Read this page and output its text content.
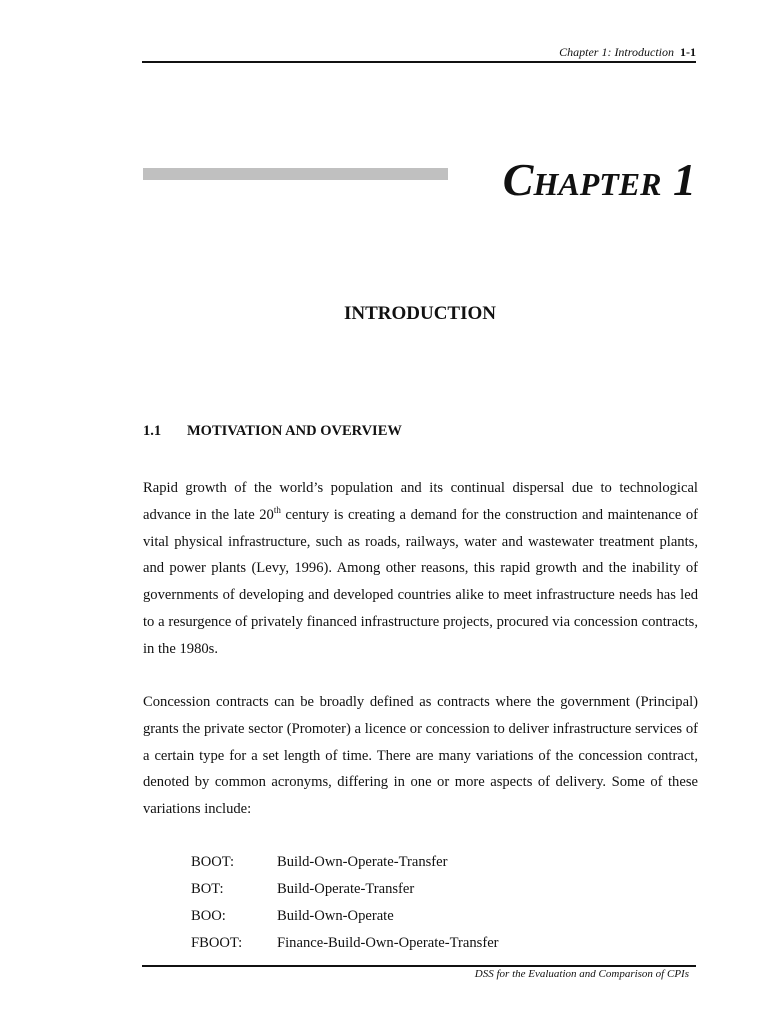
Chapter 1: Introduction 1-1
Chapter 1
INTRODUCTION
1.1 MOTIVATION AND OVERVIEW

Rapid growth of the world’s population and its continual dispersal due to technological advance in the late 20th century is creating a demand for the construction and maintenance of vital physical infrastructure, such as roads, railways, water and wastewater treatment plants, and power plants (Levy, 1996). Among other reasons, this rapid growth and the inability of governments of developing and developed countries alike to meet infrastructure needs has led to a resurgence of privately financed infrastructure projects, procured via concession contracts, in the 1980s.

Concession contracts can be broadly defined as contracts where the government (Principal) grants the private sector (Promoter) a licence or concession to deliver infrastructure services of a certain type for a set length of time. There are many variations of the concession contract, denoted by common acronyms, differing in one or more aspects of delivery. Some of these variations include:

BOOT:	Build-Own-Operate-Transfer
BOT:	Build-Operate-Transfer
BOO:	Build-Own-Operate
FBOOT: Finance-Build-Own-Operate-Transfer
DSS for the Evaluation and Comparison of CPIs
